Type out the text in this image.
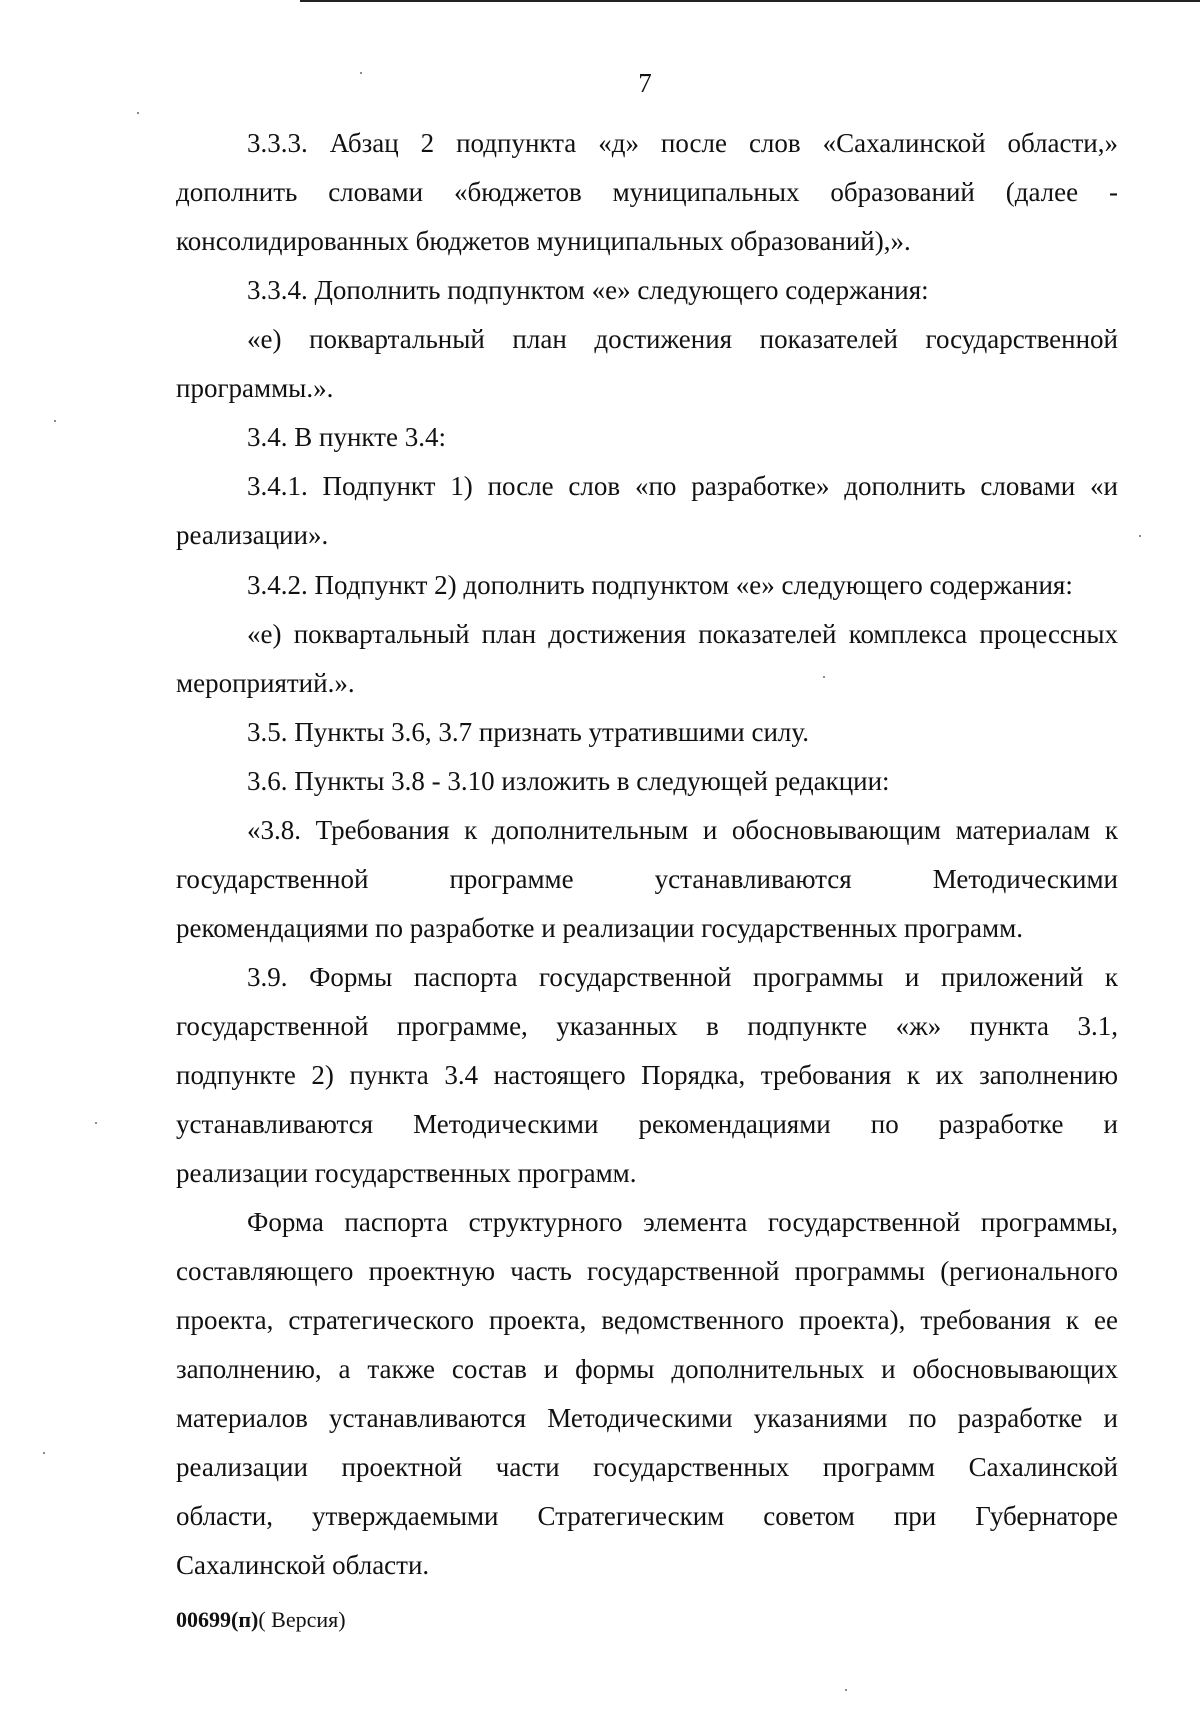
7
3.3.3. Абзац 2 подпункта «д» после слов «Сахалинской области,»
дополнить словами «бюджетов муниципальных образований (далее -
консолидированных бюджетов муниципальных образований),».
3.3.4. Дополнить подпунктом «е» следующего содержания:
«е) поквартальный план достижения показателей государственной
программы.».
3.4. В пункте 3.4:
3.4.1. Подпункт 1) после слов «по разработке» дополнить словами «и
реализации».
3.4.2. Подпункт 2) дополнить подпунктом «е» следующего содержания:
«е) поквартальный план достижения показателей комплекса процессных
мероприятий.».
3.5. Пункты 3.6, 3.7 признать утратившими силу.
3.6. Пункты 3.8 - 3.10 изложить в следующей редакции:
«3.8. Требования к дополнительным и обосновывающим материалам к
государственной программе устанавливаются Методическими
рекомендациями по разработке и реализации государственных программ.
3.9. Формы паспорта государственной программы и приложений к
государственной программе, указанных в подпункте «ж» пункта 3.1,
подпункте 2) пункта 3.4 настоящего Порядка, требования к их заполнению
устанавливаются Методическими рекомендациями по разработке и
реализации государственных программ.
Форма паспорта структурного элемента государственной программы,
составляющего проектную часть государственной программы (регионального
проекта, стратегического проекта, ведомственного проекта), требования к ее
заполнению, а также состав и формы дополнительных и обосновывающих
материалов устанавливаются Методическими указаниями по разработке и
реализации проектной части государственных программ Сахалинской
области, утверждаемыми Стратегическим советом при Губернаторе
Сахалинской области.
00699(п)( Версия)
